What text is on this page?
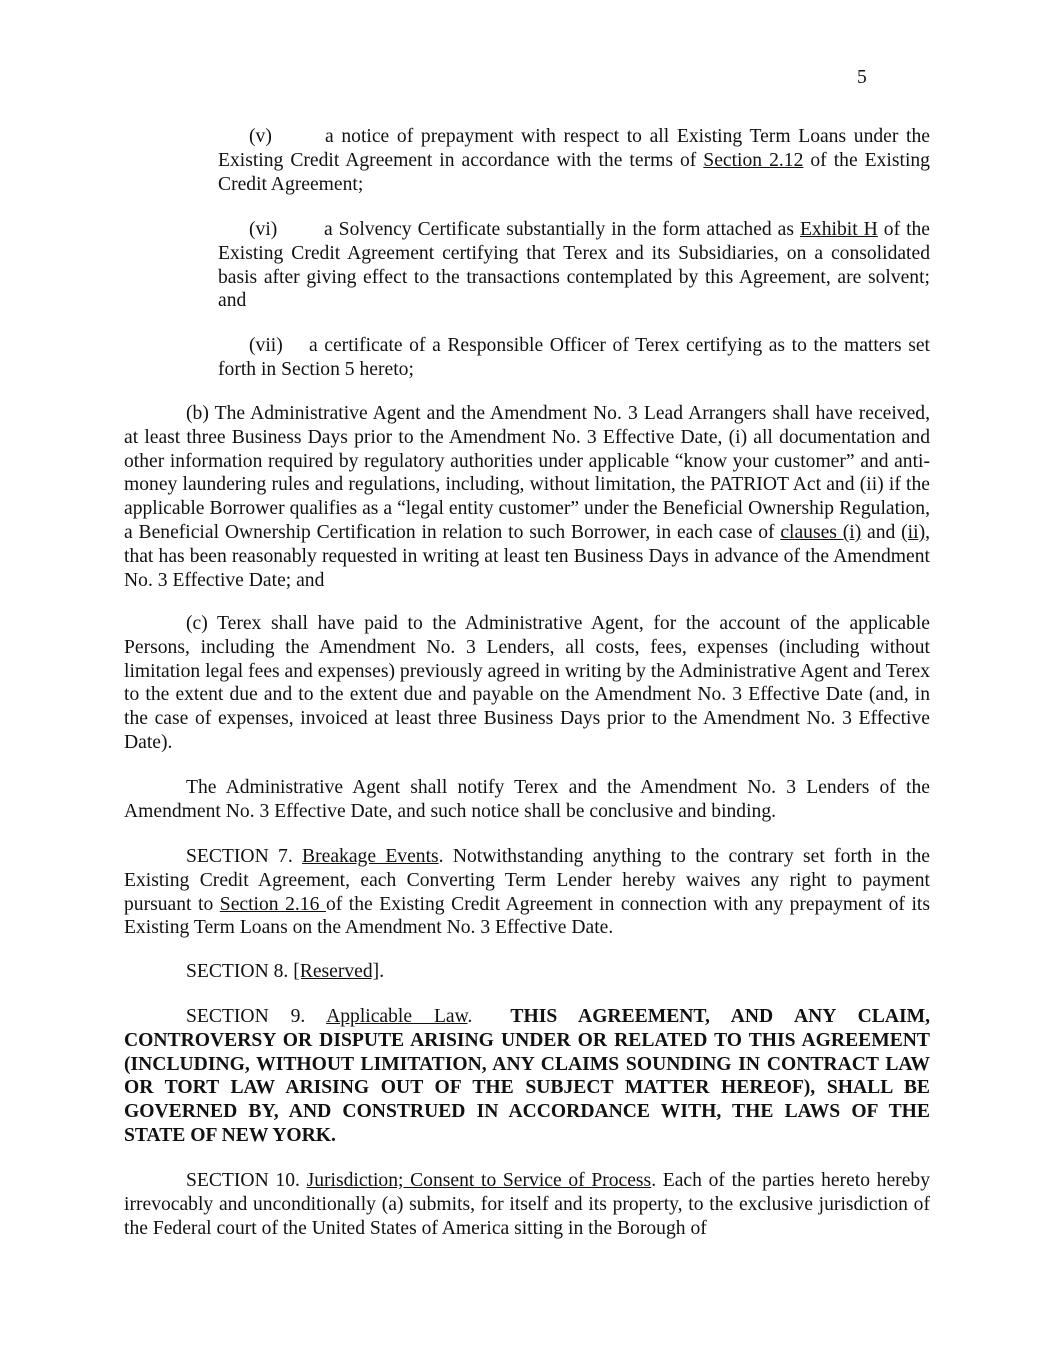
5

(v)	a notice of prepayment with respect to all Existing Term Loans under the Existing Credit Agreement in accordance with the terms of Section 2.12 of the Existing Credit Agreement;

(vi) a Solvency Certificate substantially in the form attached as Exhibit H of the Existing Credit Agreement certifying that Terex and its Subsidiaries, on a consolidated basis after giving effect to the transactions contemplated by this Agreement, are solvent; and

(vii) a certificate of a Responsible Officer of Terex certifying as to the matters set forth in Section 5 hereto;

(b) The Administrative Agent and the Amendment No. 3 Lead Arrangers shall have received, at least three Business Days prior to the Amendment No. 3 Effective Date, (i) all documentation and other information required by regulatory authorities under applicable “know your customer” and anti-money laundering rules and regulations, including, without limitation, the PATRIOT Act and (ii) if the applicable Borrower qualifies as a “legal entity customer” under the Beneficial Ownership Regulation, a Beneficial Ownership Certification in relation to such Borrower, in each case of clauses (i) and (ii), that has been reasonably requested in writing at least ten Business Days in advance of the Amendment No. 3 Effective Date; and

(c) Terex shall have paid to the Administrative Agent, for the account of the applicable Persons, including the Amendment No. 3 Lenders, all costs, fees, expenses (including without limitation legal fees and expenses) previously agreed in writing by the Administrative Agent and Terex to the extent due and to the extent due and payable on the Amendment No. 3 Effective Date (and, in the case of expenses, invoiced at least three Business Days prior to the Amendment No. 3 Effective Date).

The Administrative Agent shall notify Terex and the Amendment No. 3 Lenders of the Amendment No. 3 Effective Date, and such notice shall be conclusive and binding.

SECTION 7. Breakage Events. Notwithstanding anything to the contrary set forth in the Existing Credit Agreement, each Converting Term Lender hereby waives any right to payment pursuant to Section 2.16 of the Existing Credit Agreement in connection with any prepayment of its Existing Term Loans on the Amendment No. 3 Effective Date.

SECTION 8. [Reserved].

SECTION 9. Applicable Law. THIS AGREEMENT, AND ANY CLAIM, CONTROVERSY OR DISPUTE ARISING UNDER OR RELATED TO THIS AGREEMENT (INCLUDING, WITHOUT LIMITATION, ANY CLAIMS SOUNDING IN CONTRACT LAW OR TORT LAW ARISING OUT OF THE SUBJECT MATTER HEREOF), SHALL BE GOVERNED BY, AND CONSTRUED IN ACCORDANCE WITH, THE LAWS OF THE STATE OF NEW YORK.

SECTION 10. Jurisdiction; Consent to Service of Process. Each of the parties hereto hereby irrevocably and unconditionally (a) submits, for itself and its property, to the exclusive jurisdiction of the Federal court of the United States of America sitting in the Borough of
